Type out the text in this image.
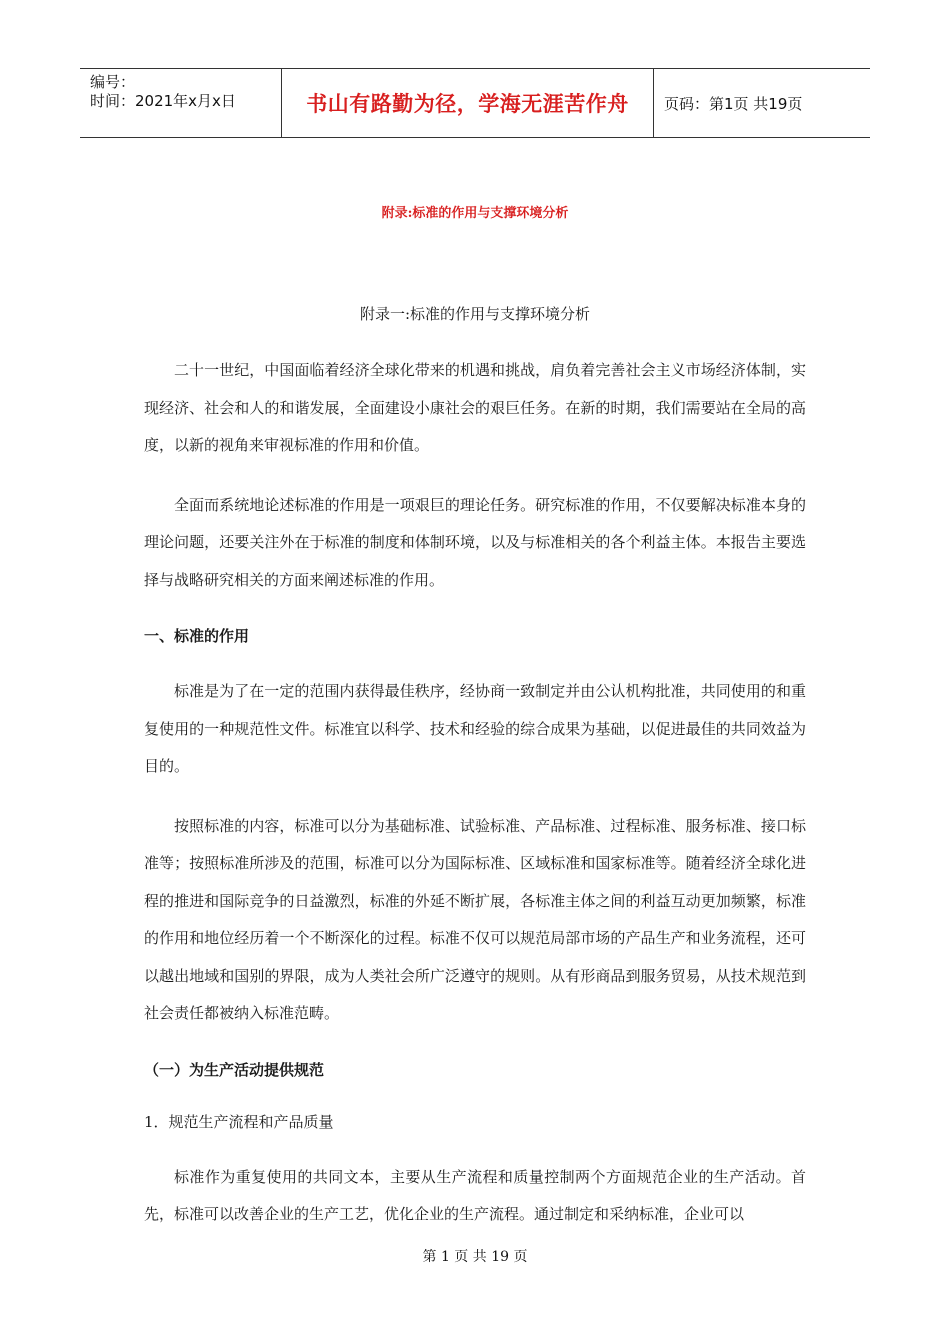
编号：
时间：2021年x月x日	书山有路勤为径，学海无涯苦作舟	页码：第1页 共19页
附录:标准的作用与支撑环境分析
附录一:标准的作用与支撑环境分析

二十一世纪，中国面临着经济全球化带来的机遇和挑战，肩负着完善社会主义市场经济体制，实现经济、社会和人的和谐发展，全面建设小康社会的艰巨任务。在新的时期，我们需要站在全局的高度，以新的视角来审视标准的作用和价值。

全面而系统地论述标准的作用是一项艰巨的理论任务。研究标准的作用，不仅要解决标准本身的理论问题，还要关注外在于标准的制度和体制环境，以及与标准相关的各个利益主体。本报告主要选择与战略研究相关的方面来阐述标准的作用。

一、标准的作用

标准是为了在一定的范围内获得最佳秩序，经协商一致制定并由公认机构批准，共同使用的和重复使用的一种规范性文件。标准宜以科学、技术和经验的综合成果为基础，以促进最佳的共同效益为目的。

按照标准的内容，标准可以分为基础标准、试验标准、产品标准、过程标准、服务标准、接口标准等；按照标准所涉及的范围，标准可以分为国际标准、区域标准和国家标准等。随着经济全球化进程的推进和国际竞争的日益激烈，标准的外延不断扩展，各标准主体之间的利益互动更加频繁，标准的作用和地位经历着一个不断深化的过程。标准不仅可以规范局部市场的产品生产和业务流程，还可以越出地域和国别的界限，成为人类社会所广泛遵守的规则。从有形商品到服务贸易，从技术规范到社会责任都被纳入标准范畴。

（一）为生产活动提供规范
1．规范生产流程和产品质量

标准作为重复使用的共同文本，主要从生产流程和质量控制两个方面规范企业的生产活动。首先，标准可以改善企业的生产工艺，优化企业的生产流程。通过制定和采纳标准，企业可以

第 1 页 共 19 页
